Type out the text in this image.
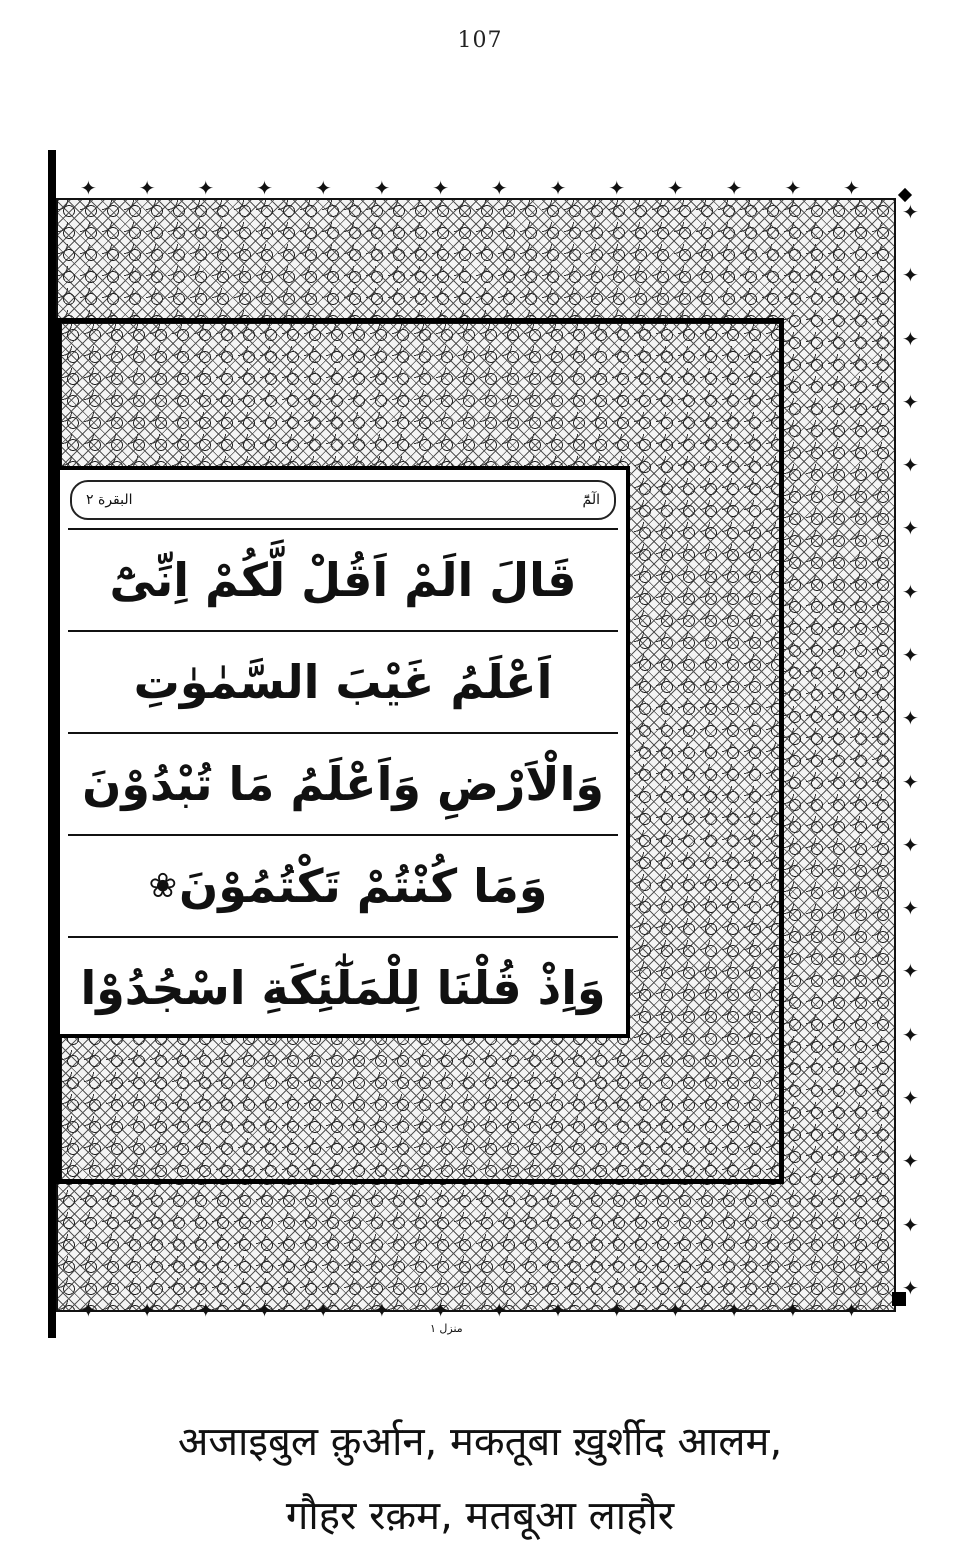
107
✦ ✦ ✦ ✦ ✦ ✦ ✦ ✦ ✦ ✦ ✦ ✦ ✦ ✦
✦
✦
✦
✦
✦
✦
✦
✦
✦
✦
✦
✦
✦
✦
✦
✦
✦
✦
✦ ✦ ✦ ✦ ✦ ✦ ✦ ✦ ✦ ✦ ✦ ✦ ✦ ✦
البقرة ٢	الٓمّٓ
قَالَ الَمْ اَقُلْ لَّكُمْ اِنِّىْٓ
اَعْلَمُ غَيْبَ السَّمٰوٰتِ
وَالْاَرْضِ وَاَعْلَمُ مَا تُبْدُوْنَ
وَمَا كُنْتُمْ تَكْتُمُوْنَ
❀
وَاِذْ قُلْنَا لِلْمَلٰٓئِكَةِ اسْجُدُوْا
منزل ١
अजाइबुल क़ुर्आन, मकतूबा ख़ुर्शीद आलम,
गौहर रक़म, मतबूआ लाहौर
